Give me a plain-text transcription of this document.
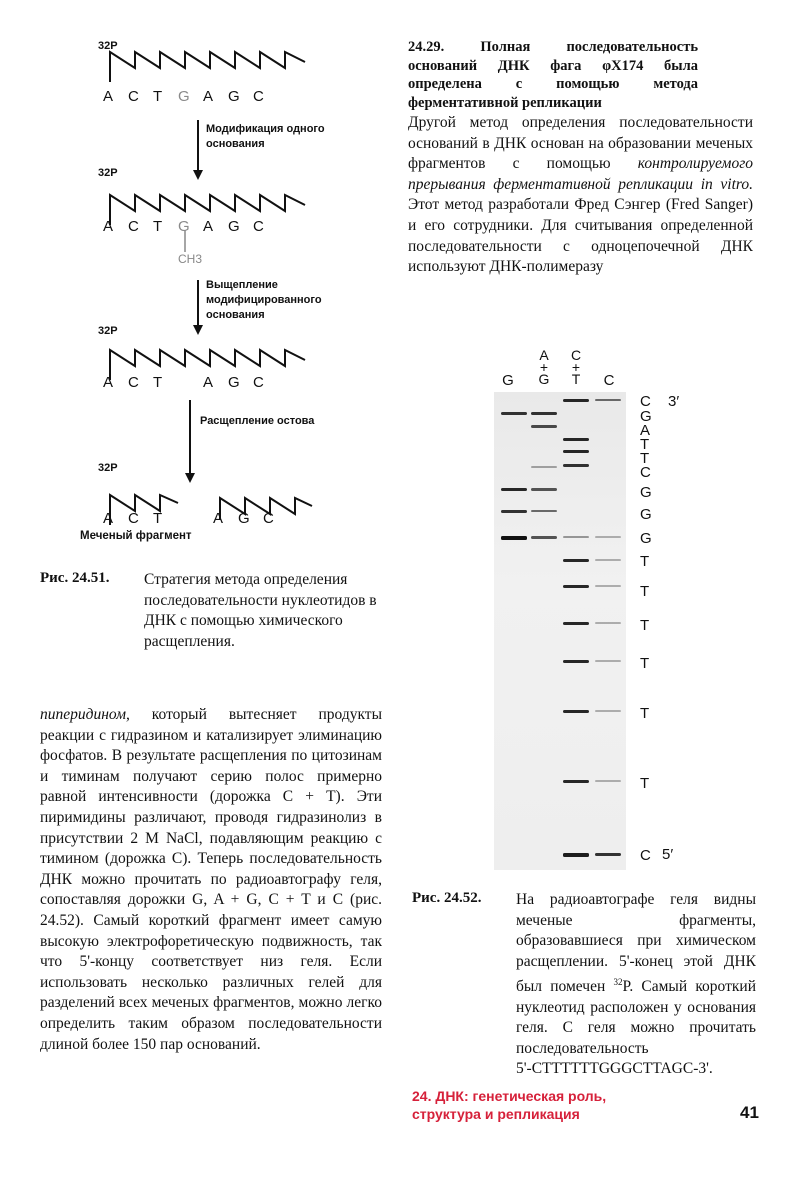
32P
32P
32P
32P
A C T G A G C
A C T G A G C
A C T	A G C
A C T	A G C
CH3
Модификация одного основания
Выщепление модифицированного основания
Расщепление остова
Меченый фрагмент
Рис. 24.51. Стратегия метода определения последовательности нуклеотидов в ДНК с помощью химического расщепления.
пиперидином, который вытесняет продукты реакции с гидразином и катализирует элиминацию фосфатов. В результате расщепления по цитозинам и тиминам получают серию полос примерно равной интенсивности (дорожка С + Т). Эти пиримидины различают, проводя гидразинолиз в присутствии 2 M NaCl, подавляющим реакцию с тимином (дорожка С). Теперь последовательность ДНК можно прочитать по радиоавтографу геля, сопоставляя дорожки G, A + G, C + T и С (рис. 24.52). Самый короткий фрагмент имеет самую высокую электрофоретическую подвижность, так что 5'-концу соответствует низ геля. Если использовать несколько различных гелей для разделений всех меченых фрагментов, можно легко определить таким образом последовательности длиной более 150 пар оснований.
24.29. Полная последовательность оснований ДНК фага φX174 была определена с помощью метода ферментативной репликации
Другой метод определения последовательности оснований в ДНК основан на образовании меченых фрагментов с помощью контролируемого прерывания ферментативной репликации in vitro. Этот метод разработали Фред Сэнгер (Fred Sanger) и его сотрудники. Для считывания определенной последовательности с одноцепочечной ДНК используют ДНК-полимеразу
G
A
+
G
C
+
T	C
C
G
A
T
T
C
G
G
G
T
T
T
T
T
T
C
3′
5′
Рис. 24.52. На радиоавтографе геля видны меченые фрагменты, образовавшиеся при химическом расщеплении. 5'-конец этой ДНК был помечен $^{32}$P. Самый короткий нуклеотид расположен у основания геля. С геля можно прочитать последовательность
5'-CTTTTTTGGGCTTAGC-3'.
24. ДНК: генетическая роль,
структура и репликация	41
